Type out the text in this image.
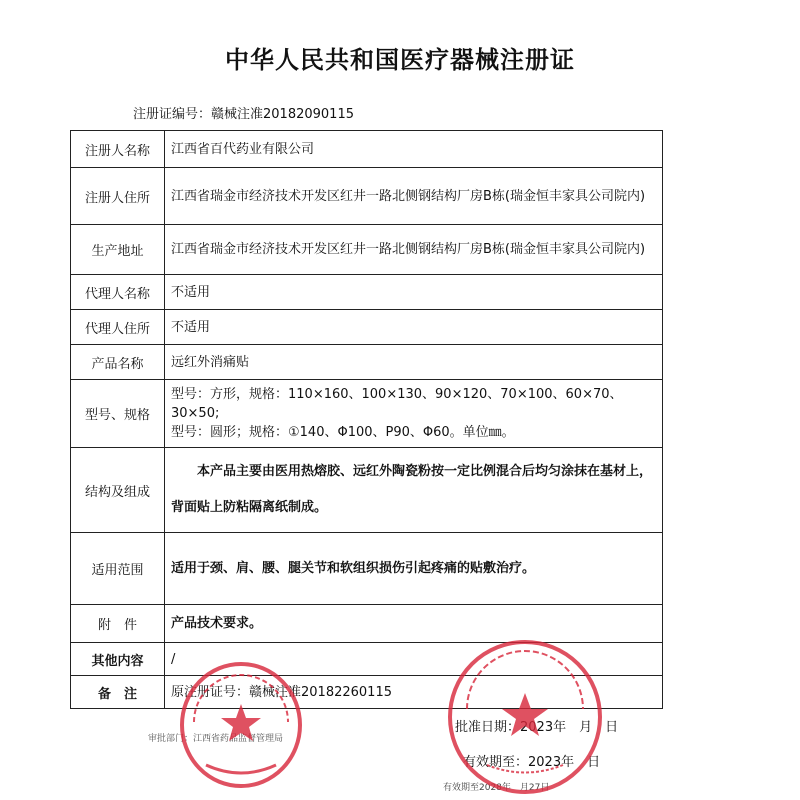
中华人民共和国医疗器械注册证
注册证编号：赣械注准20182090115
注册人名称	江西省百代药业有限公司
注册人住所	江西省瑞金市经济技术开发区红井一路北侧钢结构厂房B栋(瑞金恒丰家具公司院内)
生产地址	江西省瑞金市经济技术开发区红井一路北侧钢结构厂房B栋(瑞金恒丰家具公司院内)
代理人名称	不适用
代理人住所	不适用
产品名称	远红外消痛贴
型号、规格	型号：方形，规格：110×160、100×130、90×120、70×100、60×70、30×50;
型号：圆形；规格：①140、Φ100、P90、Φ60。单位㎜。

结构及组成	本产品主要由医用热熔胶、远红外陶瓷粉按一定比例混合后均匀涂抹在基材上，背面贴上防粘隔离纸制成。
适用范围	适用于颈、肩、腰、腿关节和软组织损伤引起疼痛的贴敷治疗。
附　件	产品技术要求。
其他内容	/
备　注	原注册证号：赣械注准20182260115
审批部门：江西省药品监督管理局
批准日期：2023年　月　日
有效期至：2023年　日
有效期至2028年　月27日
